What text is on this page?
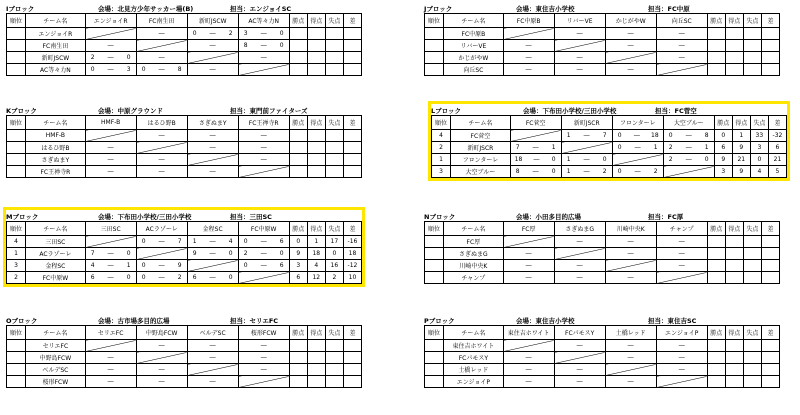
Iブロック	会場：北見方少年サッカー場(B)	担当：エンジョイSC
順位	チーム名	エンジョイR	FC南生田	新町JSCW	AC等々力N	勝点	得点	失点	差
	エンジョイR		―	0 ― 2	3 ― 0				

	FC南生田	―		―	8 ― 0				

	新町JSCW	2 ― 0	―		―				

	AC等々力N	0 ― 3	0 ― 8	―					

Jブロック	会場：東住吉小学校	担当：FC中原
順位	チーム名	FC中原B	リバーVE	かじがやW	向丘SC	勝点	得点	失点	差
	FC中原B		―	―	―				

	リバーVE	―		―	―				

	かじがやW	―	―		―				

	向丘SC	―	―	―					

Kブロック	会場：中原グラウンド	担当：東門前ファイターズ
順位	チーム名	HMF-B	はるひ野B	さぎぬまY	FC王禅寺R	勝点	得点	失点	差
	HMF-B		―	―	―				

	はるひ野B	―		―	―				

	さぎぬまY	―	―		―				

	FC王禅寺R	―	―	―					

Lブロック	会場：下布田小学校/三田小学校	担当：FC菅空
順位	チーム名	FC菅空	新町JSCR	フロンターレ	大空ブルー	勝点	得点	失点	差
4	FC菅空		1 ― 7	0 ― 18	0 ― 8	0	1	33	-32
2	新町JSCR	7 ― 1		0 ― 1	2 ― 1	6	9	3	6
1	フロンターレ	18 ― 0	1 ― 0		2 ― 0	9	21	0	21
3	大空ブルー	8 ― 0	1 ― 2	0 ― 2		3	9	4	5
Mブロック	会場：下布田小学校/三田小学校	担当：三田SC
順位	チーム名	三田SC	ACラゾーレ	金程SC	FC中原W	勝点	得点	失点	差
4	三田SC		0 ― 7	1 ― 4	0 ― 6	0	1	17	-16
1	ACラゾーレ	7 ― 0		9 ― 0	2 ― 0	9	18	0	18
3	金程SC	4 ― 1	0 ― 9		0 ― 6	3	4	16	-12
2	FC中原W	6 ― 0	0 ― 2	6 ― 0		6	12	2	10
Nブロック	会場：小田多目的広場	担当：FC厚
順位	チーム名	FC厚	さぎぬまG	川崎中央K	チャンプ	勝点	得点	失点	差
	FC厚		―	―	―				

	さぎぬまG	―		―	―				

	川崎中央K	―	―		―				

	チャンプ	―	―	―					

Oブロック	会場：古市場多目的広場	担当：セリエFC
順位	チーム名	セリエFC	中野島FCW	ベルデSC	桜形FCW	勝点	得点	失点	差
	セリエFC		―	―	―				

	中野島FCW	―		―	―				

	ベルデSC	―	―		―				

	桜形FCW	―	―	―					

Pブロック	会場：東住吉小学校	担当：東住吉SC
順位	チーム名	東住吉ホワイト	FCパモスY	土橋レッド	エンジョイP	勝点	得点	失点	差
	東住吉ホワイト		―	―	―				

	FCパモスY	―		―	―				

	土橋レッド	―	―		―				

	エンジョイP	―	―	―					
